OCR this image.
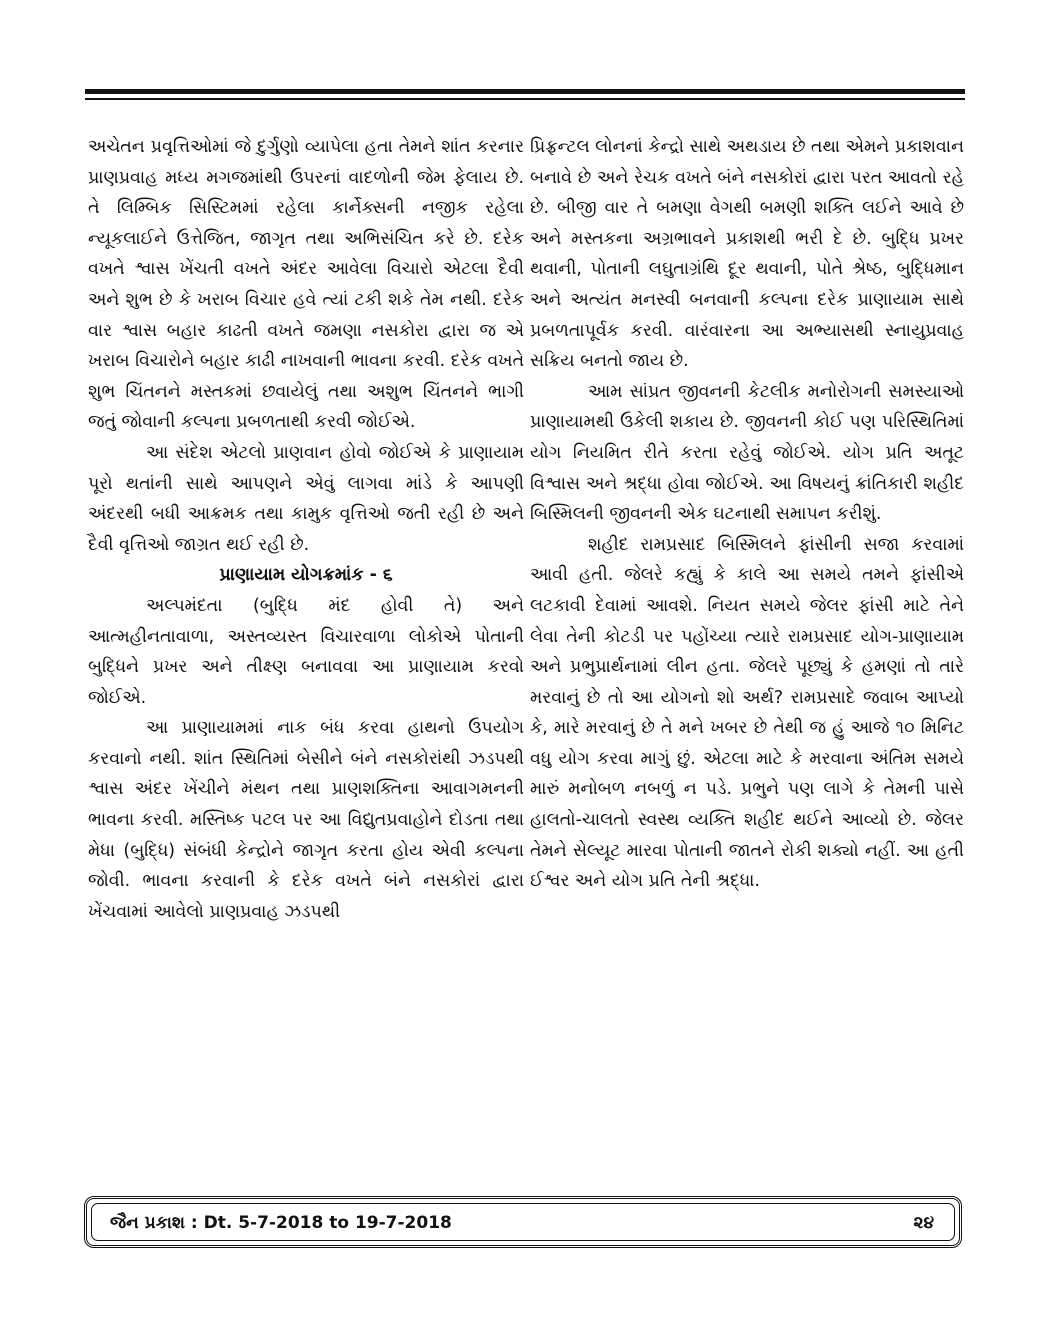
અચેતન પ્રવૃત્તિઓમાં જે દુર્ગુણો વ્યાપેલા હતા તેમને શાંત કરનાર પ્રાણપ્રવાહ મધ્ય મગજમાંથી ઉપરનાં વાદળોની જેમ ફેલાય છે. તે લિમ્બિક સિસ્ટિમમાં રહેલા કાર્નેક્સની નજીક રહેલા ન્યૂકલાઈને ઉત્તેજિત, જાગૃત તથા અભિસંચિત કરે છે. દરેક વખતે શ્વાસ ખેંચતી વખતે અંદર આવેલા વિચારો એટલા દૈવી અને શુભ છે કે ખરાબ વિચાર હવે ત્યાં ટકી શકે તેમ નથી. દરેક વાર શ્વાસ બહાર કાઢતી વખતે જમણા નસકોરા દ્વારા જ એ ખરાબ વિચારોને બહાર કાઢી નાખવાની ભાવના કરવી. દરેક વખતે શુભ ચિંતનને મસ્તકમાં છવાયેલું તથા અશુભ ચિંતનને ભાગી જતું જોવાની કલ્પના પ્રબળતાથી કરવી જોઈએ.

આ સંદેશ એટલો પ્રાણવાન હોવો જોઈએ કે પ્રાણાયામ પૂરો થતાંની સાથે આપણને એવું લાગવા માંડે કે આપણી અંદરથી બધી આક્રમક તથા કામુક વૃત્તિઓ જતી રહી છે અને દૈવી વૃત્તિઓ જાગ્રત થઈ રહી છે.

પ્રાણાયામ યોગક્રમાંક - ૬

અલ્પમંદતા (બુદ્ધિ મંદ હોવી તે) અને આત્મહીનતાવાળા, અસ્તવ્યસ્ત વિચારવાળા લોકોએ પોતાની બુદ્ધિને પ્રખર અને તીક્ષ્ણ બનાવવા આ પ્રાણાયામ કરવો જોઈએ.

આ પ્રાણાયામમાં નાક બંધ કરવા હાથનો ઉપયોગ કરવાનો નથી. શાંત સ્થિતિમાં બેસીને બંને નસકોરાંથી ઝડપથી શ્વાસ અંદર ખેંચીને મંથન તથા પ્રાણશક્તિના આવાગમનની ભાવના કરવી. મસ્તિષ્ક પટલ પર આ વિદ્યુતપ્રવાહોને દોડતા તથા મેધા (બુદ્ધિ) સંબંધી કેન્દ્રોને જાગૃત કરતા હોય એવી કલ્પના જોવી. ભાવના કરવાની કે દરેક વખતે બંને નસકોરાં દ્વારા ખેંચવામાં આવેલો પ્રાણપ્રવાહ ઝડપથી

પ્રિફ્રન્ટલ લોનનાં કેન્દ્રો સાથે અથડાય છે તથા એમને પ્રકાશવાન બનાવે છે અને રેચક વખતે બંને નસકોરાં દ્વારા પરત આવતો રહે છે. બીજી વાર તે બમણા વેગથી બમણી શક્તિ લઈને આવે છે અને મસ્તકના અગ્રભાવને પ્રકાશથી ભરી દે છે. બુદ્ધિ પ્રખર થવાની, પોતાની લઘુતાગ્રંથિ દૂર થવાની, પોતે શ્રેષ્ઠ, બુદ્ધિમાન અને અત્યંત મનસ્વી બનવાની કલ્પના દરેક પ્રાણાયામ સાથે પ્રબળતાપૂર્વક કરવી. વારંવારના આ અભ્યાસથી સ્નાયુપ્રવાહ સક્રિય બનતો જાય છે.

આમ સાંપ્રત જીવનની કેટલીક મનોરોગની સમસ્યાઓ પ્રાણાયામથી ઉકેલી શકાય છે. જીવનની કોઈ પણ પરિસ્થિતિમાં યોગ નિયમિત રીતે કરતા રહેવું જોઈએ. યોગ પ્રતિ અતૂટ વિશ્વાસ અને શ્રદ્ધા હોવા જોઈએ. આ વિષયનું ક્રાંતિકારી શહીદ બિસ્મિલની જીવનની એક ઘટનાથી સમાપન કરીશું.

શહીદ રામપ્રસાદ બિસ્મિલને ફાંસીની સજા કરવામાં આવી હતી. જેલરે કહ્યું કે કાલે આ સમયે તમને ફાંસીએ લટકાવી દેવામાં આવશે. નિયત સમયે જેલર ફાંસી માટે તેને લેવા તેની કોટડી પર પહોંચ્યા ત્યારે રામપ્રસાદ યોગ-પ્રાણાયામ અને પ્રભુપ્રાર્થનામાં લીન હતા. જેલરે પૂછ્યું કે હમણાં તો તારે મરવાનું છે તો આ યોગનો શો અર્થ? રામપ્રસાદે જવાબ આપ્યો કે, મારે મરવાનું છે તે મને ખબર છે તેથી જ હું આજે ૧૦ મિનિટ વધુ યોગ કરવા માગું છું. એટલા માટે કે મરવાના અંતિમ સમયે મારું મનોબળ નબળું ન પડે. પ્રભુને પણ લાગે કે તેમની પાસે હાલતો-ચાલતો સ્વસ્થ વ્યક્તિ શહીદ થઈને આવ્યો છે. જેલર તેમને સેલ્યૂટ મારવા પોતાની જાતને રોકી શક્યો નહીં. આ હતી ઈશ્વર અને યોગ પ્રતિ તેની શ્રદ્ધા.

જૈન પ્રકાશ : Dt. 5-7-2018 to 19-7-2018	૨૪
